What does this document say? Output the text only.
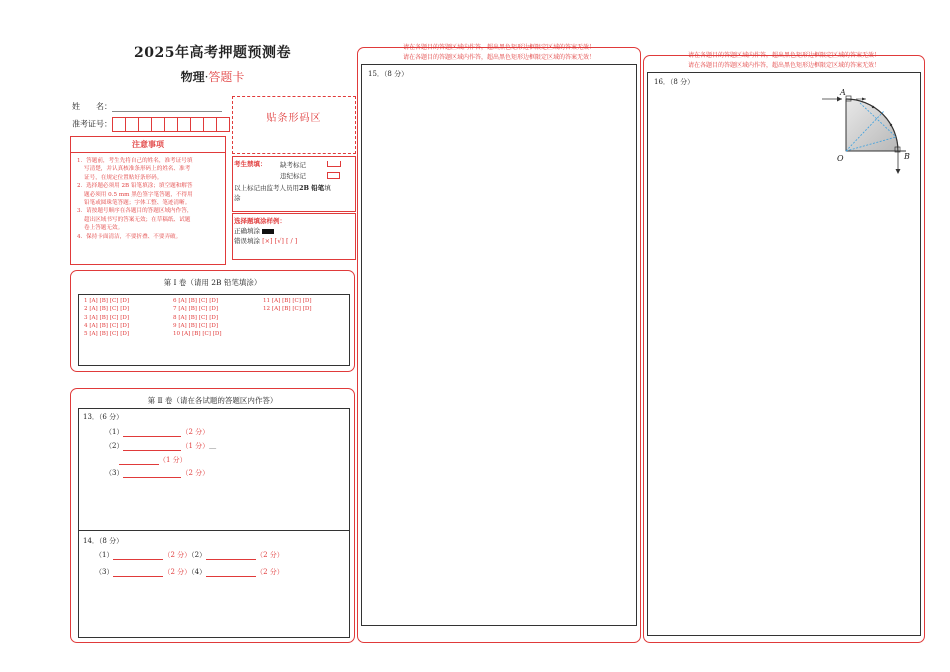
2025年高考押题预测卷
物理·答题卡
姓　　名：
准考证号：	贴条形码区
注意事项
1．答题前，考生先将自己的姓名，准考证号填
写清楚，并认真核准条形码上的姓名、准考
证号，在规定位置贴好条形码。
2．选择题必须用 2B 铅笔填涂；填空题和解答
题必须用 0.5 mm 黑色签字笔答题，不得用
铅笔或圆珠笔答题；字体工整、笔迹清晰。
3．请按题号顺序在各题目的答题区域内作答，
超出区域书写的答案无效；在草稿纸、试题
卷上答题无效。
4．保持卡面清洁，不要折叠、不要弄破。
考生禁填： 缺考标记
违纪标记
以上标记由监考人员用2B 铅笔填
涂
选择题填涂样例：
正确填涂
错误填涂 [×] [√] [ / ]
第 Ⅰ 卷（请用 2B 铅笔填涂）
1 [A] [B] [C] [D]
2 [A] [B] [C] [D]
3 [A] [B] [C] [D]
4 [A] [B] [C] [D]
5 [A] [B] [C] [D]
6 [A] [B] [C] [D]
7 [A] [B] [C] [D]
8 [A] [B] [C] [D]
9 [A] [B] [C] [D]
10 [A] [B] [C] [D]
11 [A] [B] [C] [D]
12 [A] [B] [C] [D]
第 Ⅱ 卷（请在各试题的答题区内作答）
13．（6 分）
（1）	（2 分）
（2）	（1 分）＿
（1 分）
（3）	（2 分）
14．（8 分）
（1）	（2 分）（2）	（2 分）
（3）	（2 分）（4）	（2 分）
请在各题目的答题区域内作答，超出黑色矩形边框限定区域的答案无效！
请在各题目的答题区域内作答，超出黑色矩形边框限定区域的答案无效！
15．（8 分）
请在各题目的答题区域内作答，超出黑色矩形边框限定区域的答案无效！
请在各题目的答题区域内作答，超出黑色矩形边框限定区域的答案无效！
16．（8 分）
A
B
O
